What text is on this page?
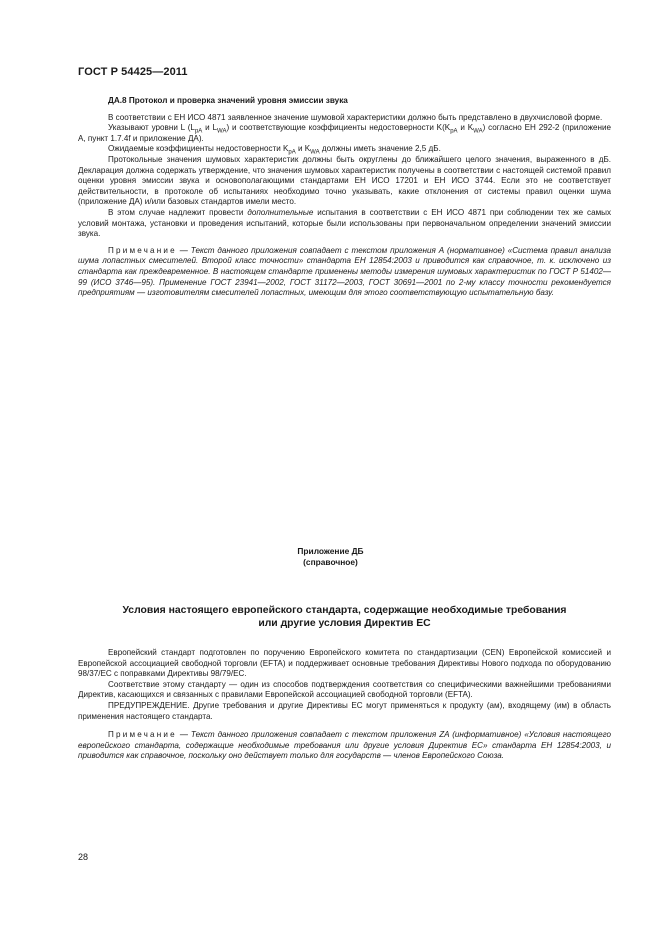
ГОСТ Р 54425—2011

ДА.8 Протокол и проверка значений уровня эмиссии звука

В соответствии с ЕН ИСО 4871 заявленное значение шумовой характеристики должно быть представлено в двухчисловой форме.

Указывают уровни L ($L_{pA}$ и $L_{WA}$) и соответствующие коэффициенты недостоверности $K(K_{pA}$ и $K_{WA}$) согласно ЕН 292-2 (приложение А, пункт 1.7.4f и приложение ДА).

Ожидаемые коэффициенты недостоверности $K_{pA}$ и $K_{WA}$ должны иметь значение 2,5 дБ.

Протокольные значения шумовых характеристик должны быть округлены до ближайшего целого значения, выраженного в дБ. Декларация должна содержать утверждение, что значения шумовых характеристик получены в соответствии с настоящей системой правил оценки уровня эмиссии звука и основополагающими стандартами ЕН ИСО 17201 и ЕН ИСО 3744. Если это не соответствует действительности, в протоколе об испытаниях необходимо точно указывать, какие отклонения от системы правил оценки шума (приложение ДА) и/или базовых стандартов имели место.

В этом случае надлежит провести дополнительные испытания в соответствии с ЕН ИСО 4871 при соблюдении тех же самых условий монтажа, установки и проведения испытаний, которые были использованы при первоначальном определении значений эмиссии звука.

Примечание — Текст данного приложения совпадает с текстом приложения А (нормативное) «Система правил анализа шума лопастных смесителей. Второй класс точности» стандарта ЕН 12854:2003 и приводится как справочное, т. к. исключено из стандарта как преждевременное. В настоящем стандарте применены методы измерения шумовых характеристик по ГОСТ Р 51402—99 (ИСО 3746—95). Применение ГОСТ 23941—2002, ГОСТ 31172—2003, ГОСТ 30691—2001 по 2-му классу точности рекомендуется предприятиям — изготовителям смесителей лопастных, имеющим для этого соответствующую испытательную базу.

Приложение ДБ
(справочное)
Условия настоящего европейского стандарта, содержащие необходимые требования
или другие условия Директив ЕС

Европейский стандарт подготовлен по поручению Европейского комитета по стандартизации (CEN) Европейской комиссией и Европейской ассоциацией свободной торговли (EFTA) и поддерживает основные требования Директивы Нового подхода по оборудованию 98/37/ЕС с поправками Директивы 98/79/ЕС.

Соответствие этому стандарту — один из способов подтверждения соответствия со специфическими важнейшими требованиями Директив, касающихся и связанных с правилами Европейской ассоциацией свободной торговли (EFTA).

ПРЕДУПРЕЖДЕНИЕ. Другие требования и другие Директивы ЕС могут применяться к продукту (ам), входящему (им) в область применения настоящего стандарта.

Примечание — Текст данного приложения совпадает с текстом приложения ZA (информативное) «Условия настоящего европейского стандарта, содержащие необходимые требования или другие условия Директив ЕС» стандарта ЕН 12854:2003, и приводится как справочное, поскольку оно действует только для государств — членов Европейского Союза.

28
